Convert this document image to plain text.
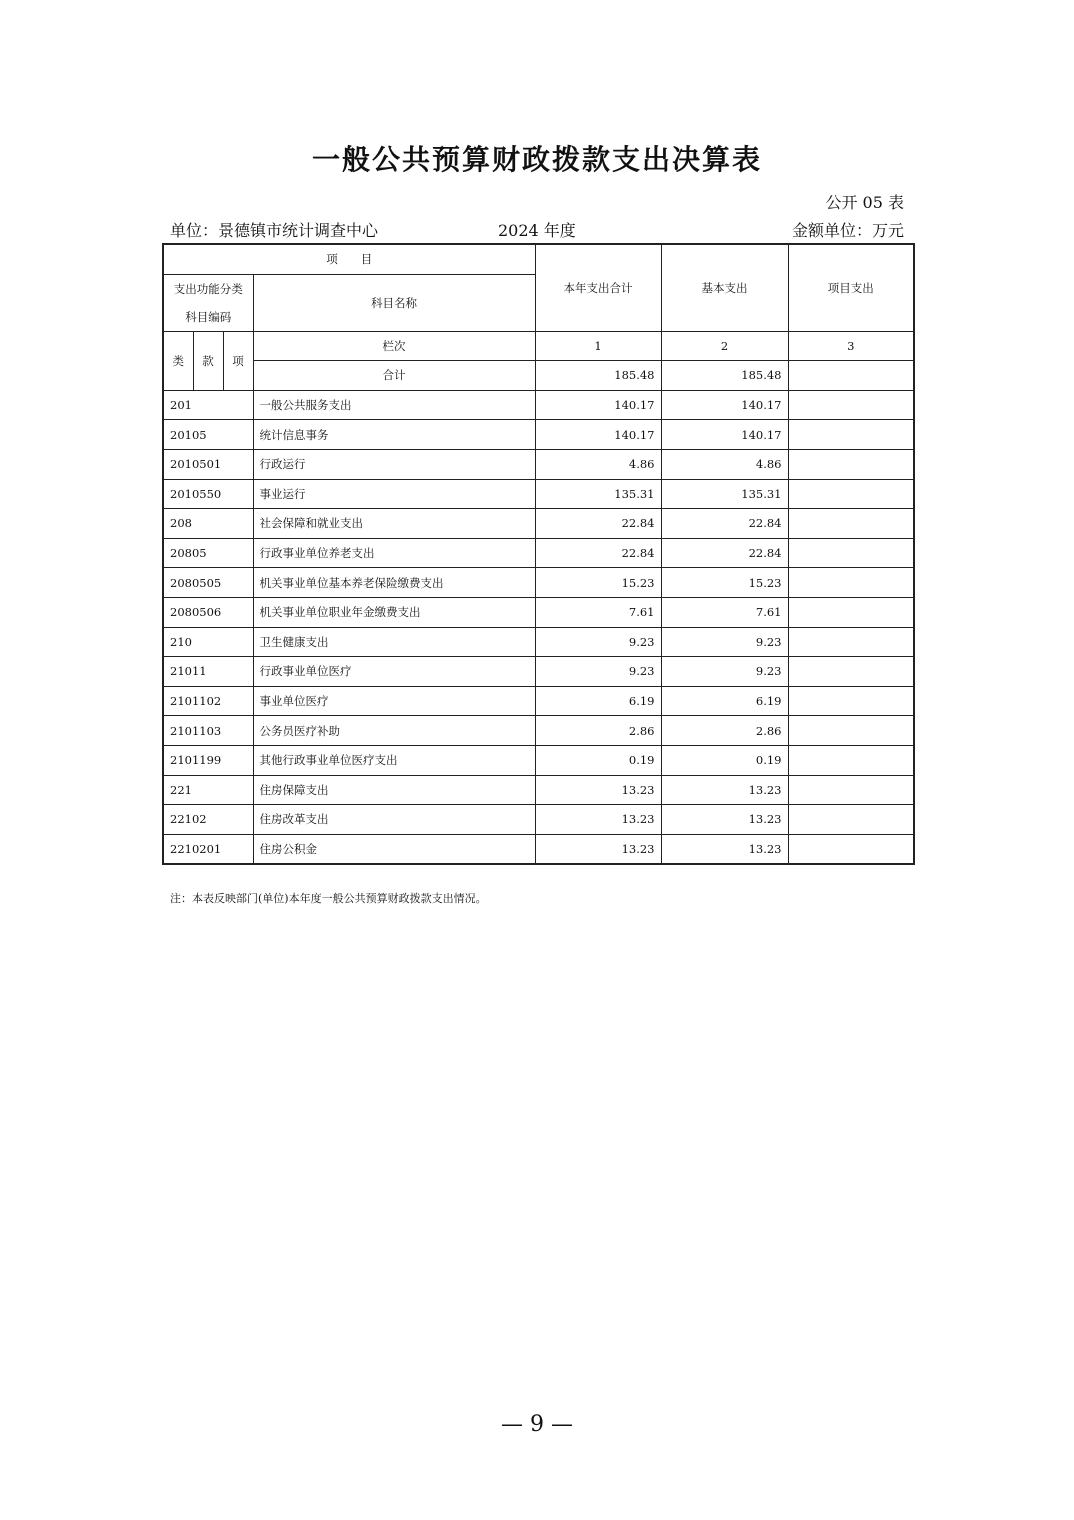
一般公共预算财政拨款支出决算表
公开 05 表
单位：景德镇市统计调查中心	2024 年度	金额单位：万元
项　　目				本年支出合计	基本支出	项目支出

支出功能分类
科目编码			科目名称			

类	款	项	栏次	1	2	3
			合计	185.48	185.48	
201			一般公共服务支出	140.17	140.17	
20105			统计信息事务	140.17	140.17	
2010501			行政运行	4.86	4.86	
2010550			事业运行	135.31	135.31	
208			社会保障和就业支出	22.84	22.84	
20805			行政事业单位养老支出	22.84	22.84	
2080505			机关事业单位基本养老保险缴费支出	15.23	15.23	
2080506			机关事业单位职业年金缴费支出	7.61	7.61	
210			卫生健康支出	9.23	9.23	
21011			行政事业单位医疗	9.23	9.23	
2101102			事业单位医疗	6.19	6.19	
2101103			公务员医疗补助	2.86	2.86	
2101199			其他行政事业单位医疗支出	0.19	0.19	
221			住房保障支出	13.23	13.23	
22102			住房改革支出	13.23	13.23	
2210201			住房公积金	13.23	13.23	
注：本表反映部门(单位)本年度一般公共预算财政拨款支出情况。
— 9 —
